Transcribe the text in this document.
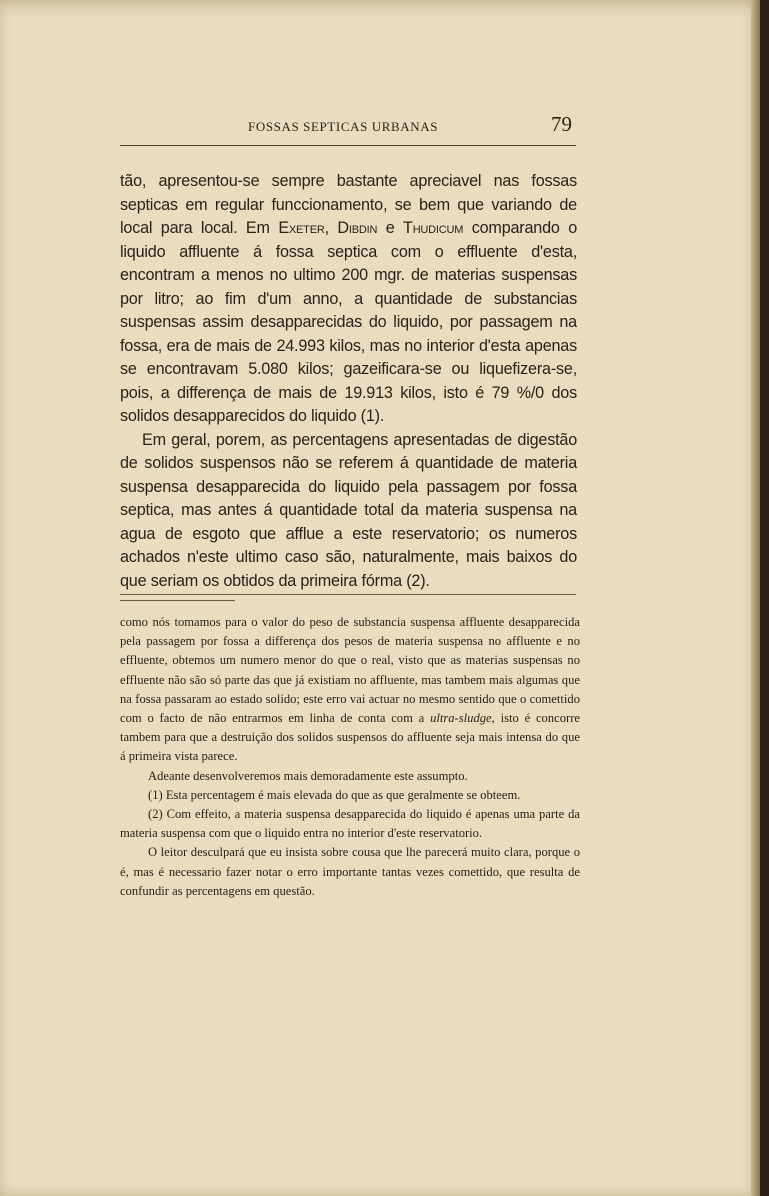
FOSSAS SEPTICAS URBANAS	79

tão, apresentou-se sempre bastante apreciavel nas fossas septicas em regular funccionamento, se bem que variando de local para local. Em Exeter, Dibdin e Thudicum comparando o liquido affluente á fossa septica com o effluente d'esta, encontram a menos no ultimo 200 mgr. de materias suspensas por litro; ao fim d'um anno, a quantidade de substancias suspensas assim desapparecidas do liquido, por passagem na fossa, era de mais de 24.993 kilos, mas no interior d'esta apenas se encontravam 5.080 kilos; gazeificara-se ou liquefizera-se, pois, a differença de mais de 19.913 kilos, isto é 79 %/0 dos solidos desapparecidos do liquido (1).

Em geral, porem, as percentagens apresentadas de digestão de solidos suspensos não se referem á quantidade de materia suspensa desapparecida do liquido pela passagem por fossa septica, mas antes á quantidade total da materia suspensa na agua de esgoto que afflue a este reservatorio; os numeros achados n'este ultimo caso são, naturalmente, mais baixos do que seriam os obtidos da primeira fórma (2).

como nós tomamos para o valor do peso de substancia suspensa affluente desapparecida pela passagem por fossa a differença dos pesos de materia suspensa no affluente e no effluente, obtemos um numero menor do que o real, visto que as materias suspensas no effluente não são só parte das que já existiam no affluente, mas tambem mais algumas que na fossa passaram ao estado solido; este erro vai actuar no mesmo sentido que o comettido com o facto de não entrarmos em linha de conta com a ultra-sludge, isto é concorre tambem para que a destruição dos solidos suspensos do affluente seja mais intensa do que á primeira vista parece.

Adeante desenvolveremos mais demoradamente este assumpto.

(1) Esta percentagem é mais elevada do que as que geralmente se obteem.

(2) Com effeito, a materia suspensa desapparecida do liquido é apenas uma parte da materia suspensa com que o liquido entra no interior d'este reservatorio.

O leitor desculpará que eu insista sobre cousa que lhe parecerá muito clara, porque o é, mas é necessario fazer notar o erro importante tantas vezes comettido, que resulta de confundir as percentagens em questão.
